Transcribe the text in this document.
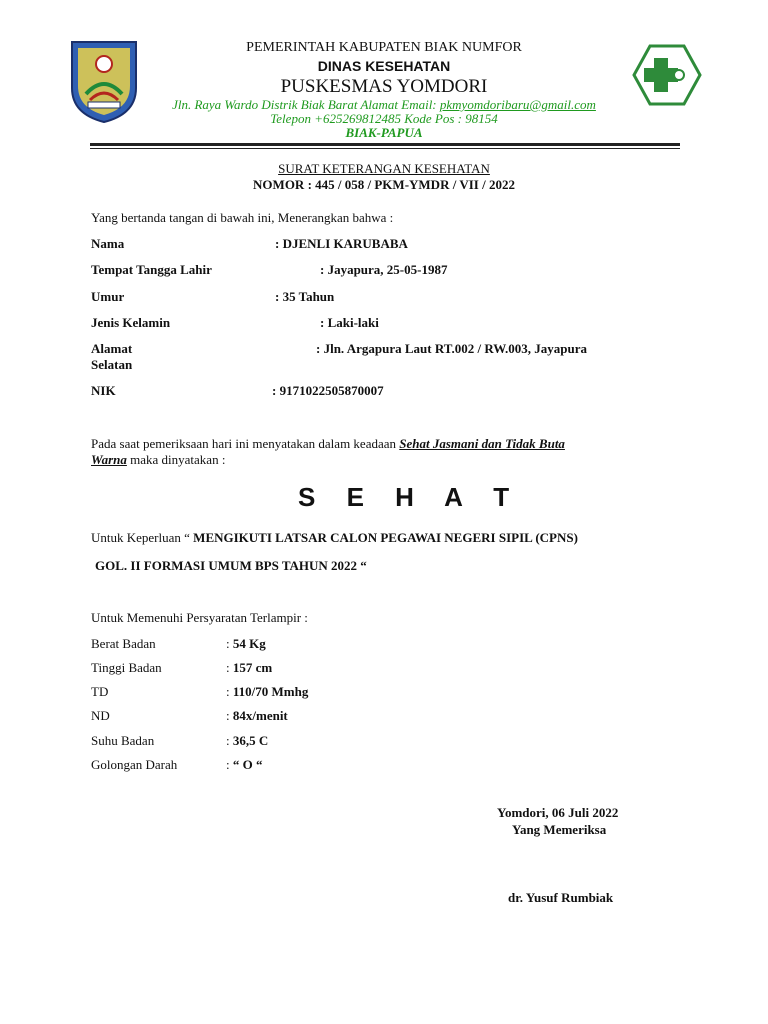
PEMERINTAH KABUPATEN BIAK NUMFOR
DINAS KESEHATAN
PUSKESMAS YOMDORI
Jln. Raya Wardo Distrik Biak Barat Alamat Email: pkmyomdoribaru@gmail.com
Telepon +625269812485 Kode Pos : 98154
BIAK-PAPUA
SURAT KETERANGAN KESEHATAN
NOMOR : 445 / 058 / PKM-YMDR / VII / 2022
Yang bertanda tangan di bawah ini, Menerangkan bahwa :
Nama	: DJENLI KARUBABA
Tempat Tangga Lahir	: Jayapura, 25-05-1987
Umur	: 35 Tahun
Jenis Kelamin	: Laki-laki
Alamat	: Jln. Argapura Laut RT.002 / RW.003, Jayapura
Selatan
NIK	: 9171022505870007
Pada saat pemeriksaan hari ini menyatakan dalam keadaan Sehat Jasmani dan Tidak Buta
Warna maka dinyatakan :
S E H A T
Untuk Keperluan “ MENGIKUTI LATSAR CALON PEGAWAI NEGERI SIPIL (CPNS)
GOL. II FORMASI UMUM BPS TAHUN 2022 “
Untuk Memenuhi Persyaratan Terlampir :
Berat Badan	: 54 Kg
Tinggi Badan	: 157 cm
TD	: 110/70 Mmhg
ND	: 84x/menit
Suhu Badan	: 36,5 C
Golongan Darah	: “ O “
Yomdori, 06 Juli 2022
Yang Memeriksa
dr. Yusuf Rumbiak
